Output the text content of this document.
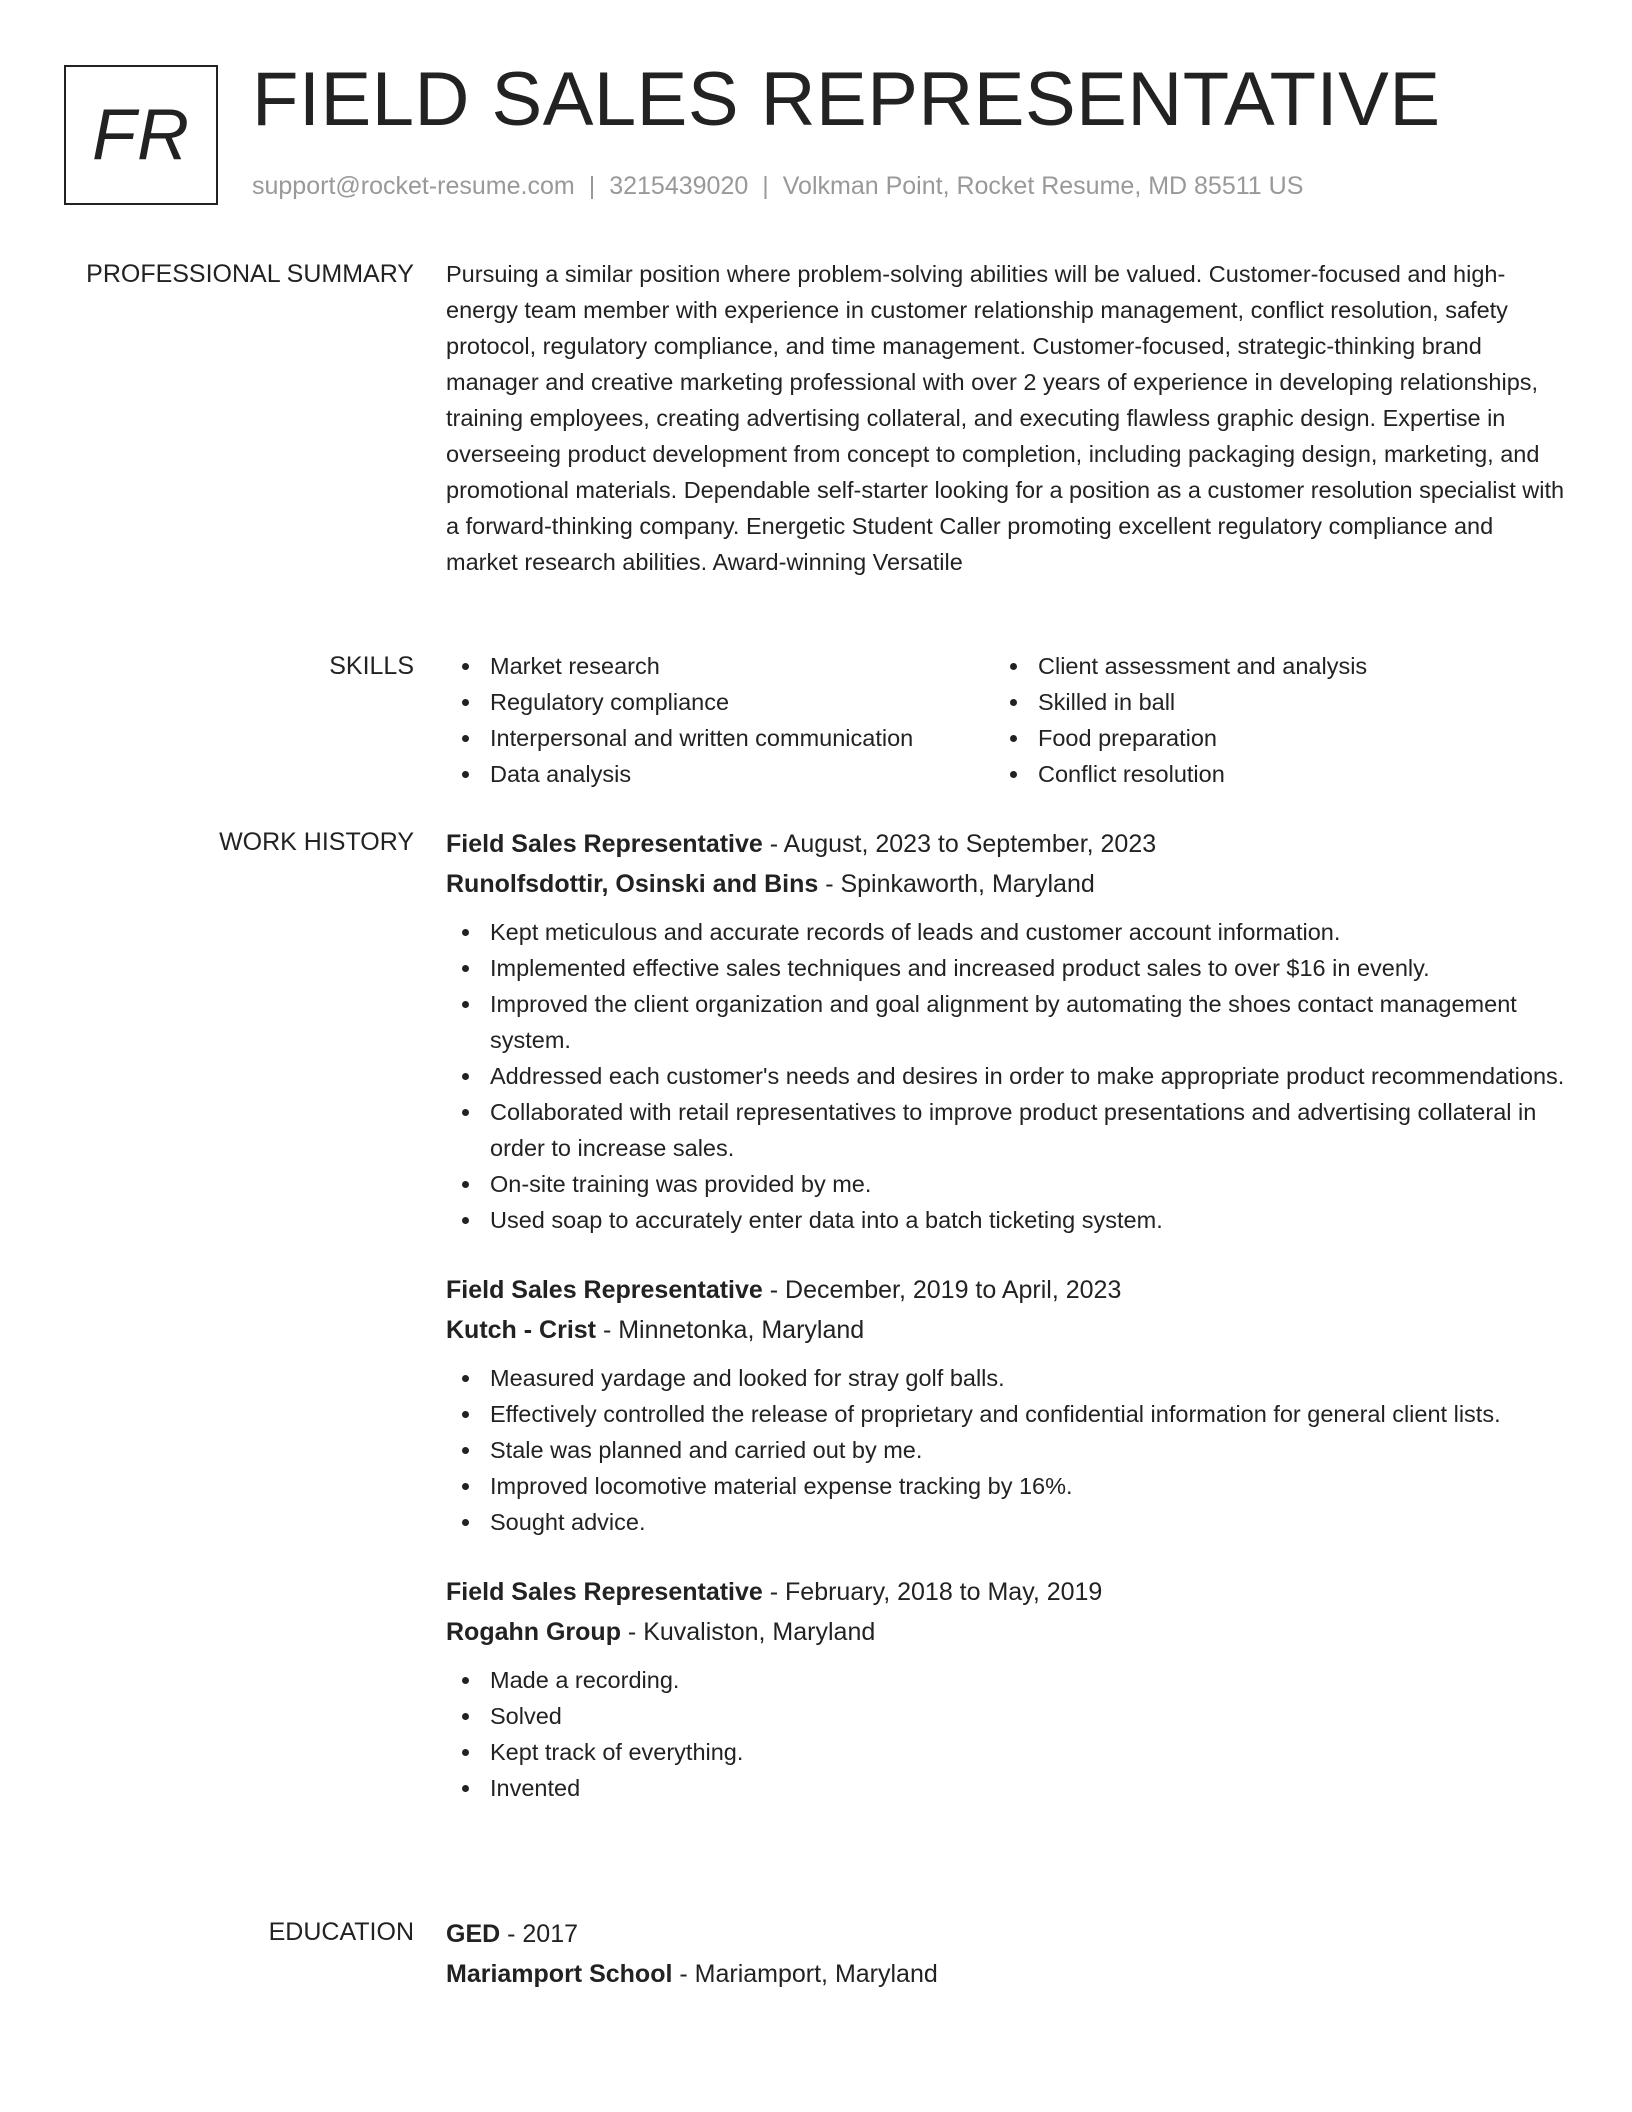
FR FIELD SALES REPRESENTATIVE
support@rocket-resume.com | 3215439020 | Volkman Point, Rocket Resume, MD 85511 US
PROFESSIONAL SUMMARY Pursuing a similar position where problem-solving abilities will be valued. Customer-focused and high-energy team member with experience in customer relationship management, conflict resolution, safety protocol, regulatory compliance, and time management. Customer-focused, strategic-thinking brand manager and creative marketing professional with over 2 years of experience in developing relationships, training employees, creating advertising collateral, and executing flawless graphic design. Expertise in overseeing product development from concept to completion, including packaging design, marketing, and promotional materials. Dependable self-starter looking for a position as a customer resolution specialist with a forward-thinking company. Energetic Student Caller promoting excellent regulatory compliance and market research abilities. Award-winning Versatile

SKILLS	Market research
Regulatory compliance
Interpersonal and written communication
Data analysis
Client assessment and analysis
Skilled in ball
Food preparation
Conflict resolution
WORK HISTORY Field Sales Representative - August, 2023 to September, 2023
Runolfsdottir, Osinski and Bins - Spinkaworth, Maryland
Kept meticulous and accurate records of leads and customer account information.
Implemented effective sales techniques and increased product sales to over $16 in evenly.
Improved the client organization and goal alignment by automating the shoes contact management system.
Addressed each customer's needs and desires in order to make appropriate product recommendations.
Collaborated with retail representatives to improve product presentations and advertising collateral in order to increase sales.
On-site training was provided by me.
Used soap to accurately enter data into a batch ticketing system.
Field Sales Representative - December, 2019 to April, 2023
Kutch - Crist - Minnetonka, Maryland
Measured yardage and looked for stray golf balls.
Effectively controlled the release of proprietary and confidential information for general client lists.
Stale was planned and carried out by me.
Improved locomotive material expense tracking by 16%.
Sought advice.
Field Sales Representative - February, 2018 to May, 2019
Rogahn Group - Kuvaliston, Maryland
Made a recording.
Solved
Kept track of everything.
Invented
EDUCATION GED - 2017
Mariamport School - Mariamport, Maryland
